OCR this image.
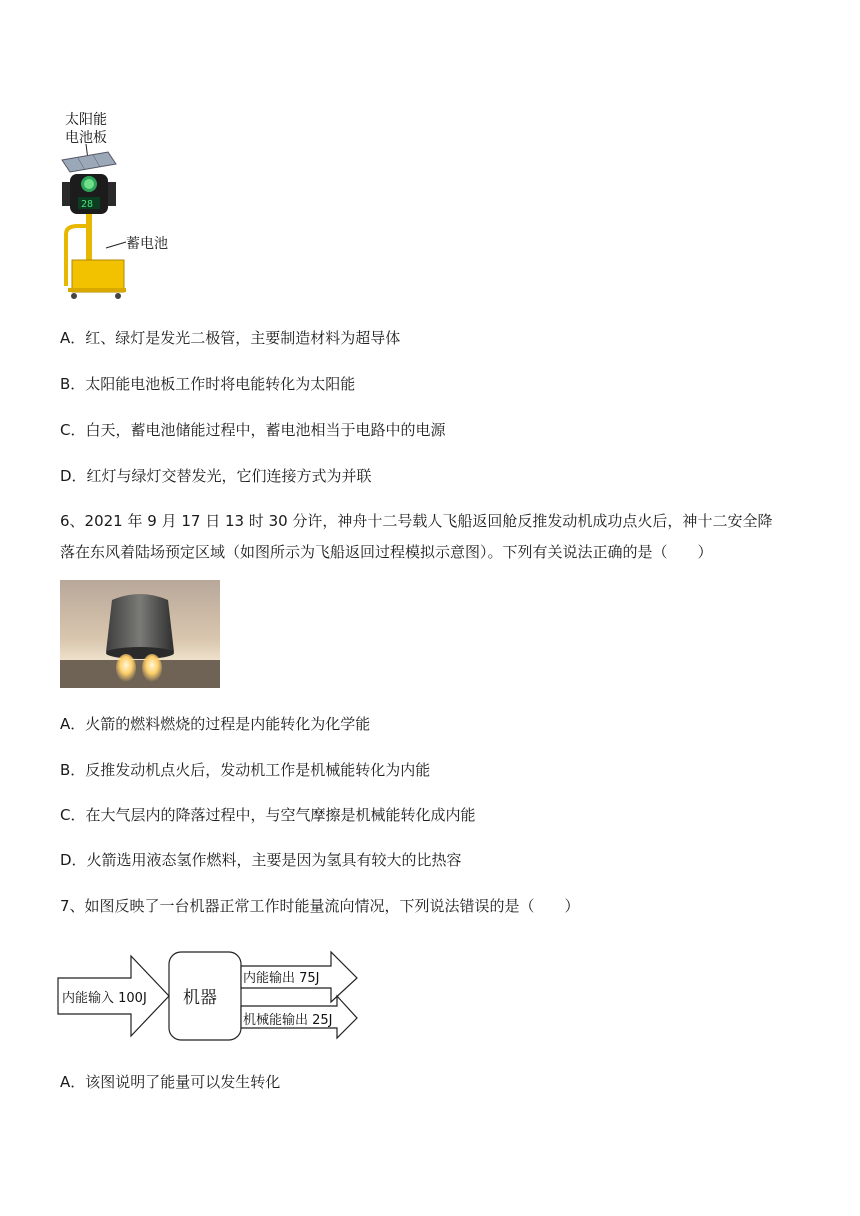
太阳能
电池板
28
蓄电池
A．红、绿灯是发光二极管，主要制造材料为超导体
B．太阳能电池板工作时将电能转化为太阳能
C．白天，蓄电池储能过程中，蓄电池相当于电路中的电源
D．红灯与绿灯交替发光，它们连接方式为并联
6、2021 年 9 月 17 日 13 时 30 分许，神舟十二号载人飞船返回舱反推发动机成功点火后，神十二安全降
落在东风着陆场预定区域（如图所示为飞船返回过程模拟示意图）。下列有关说法正确的是（　　）
A．火箭的燃料燃烧的过程是内能转化为化学能
B．反推发动机点火后，发动机工作是机械能转化为内能
C．在大气层内的降落过程中，与空气摩擦是机械能转化成内能
D．火箭选用液态氢作燃料，主要是因为氢具有较大的比热容
7、如图反映了一台机器正常工作时能量流向情况，下列说法错误的是（　　）
内能输入 100J 机器
内能输出 75J
机械能输出 25J
A．该图说明了能量可以发生转化
